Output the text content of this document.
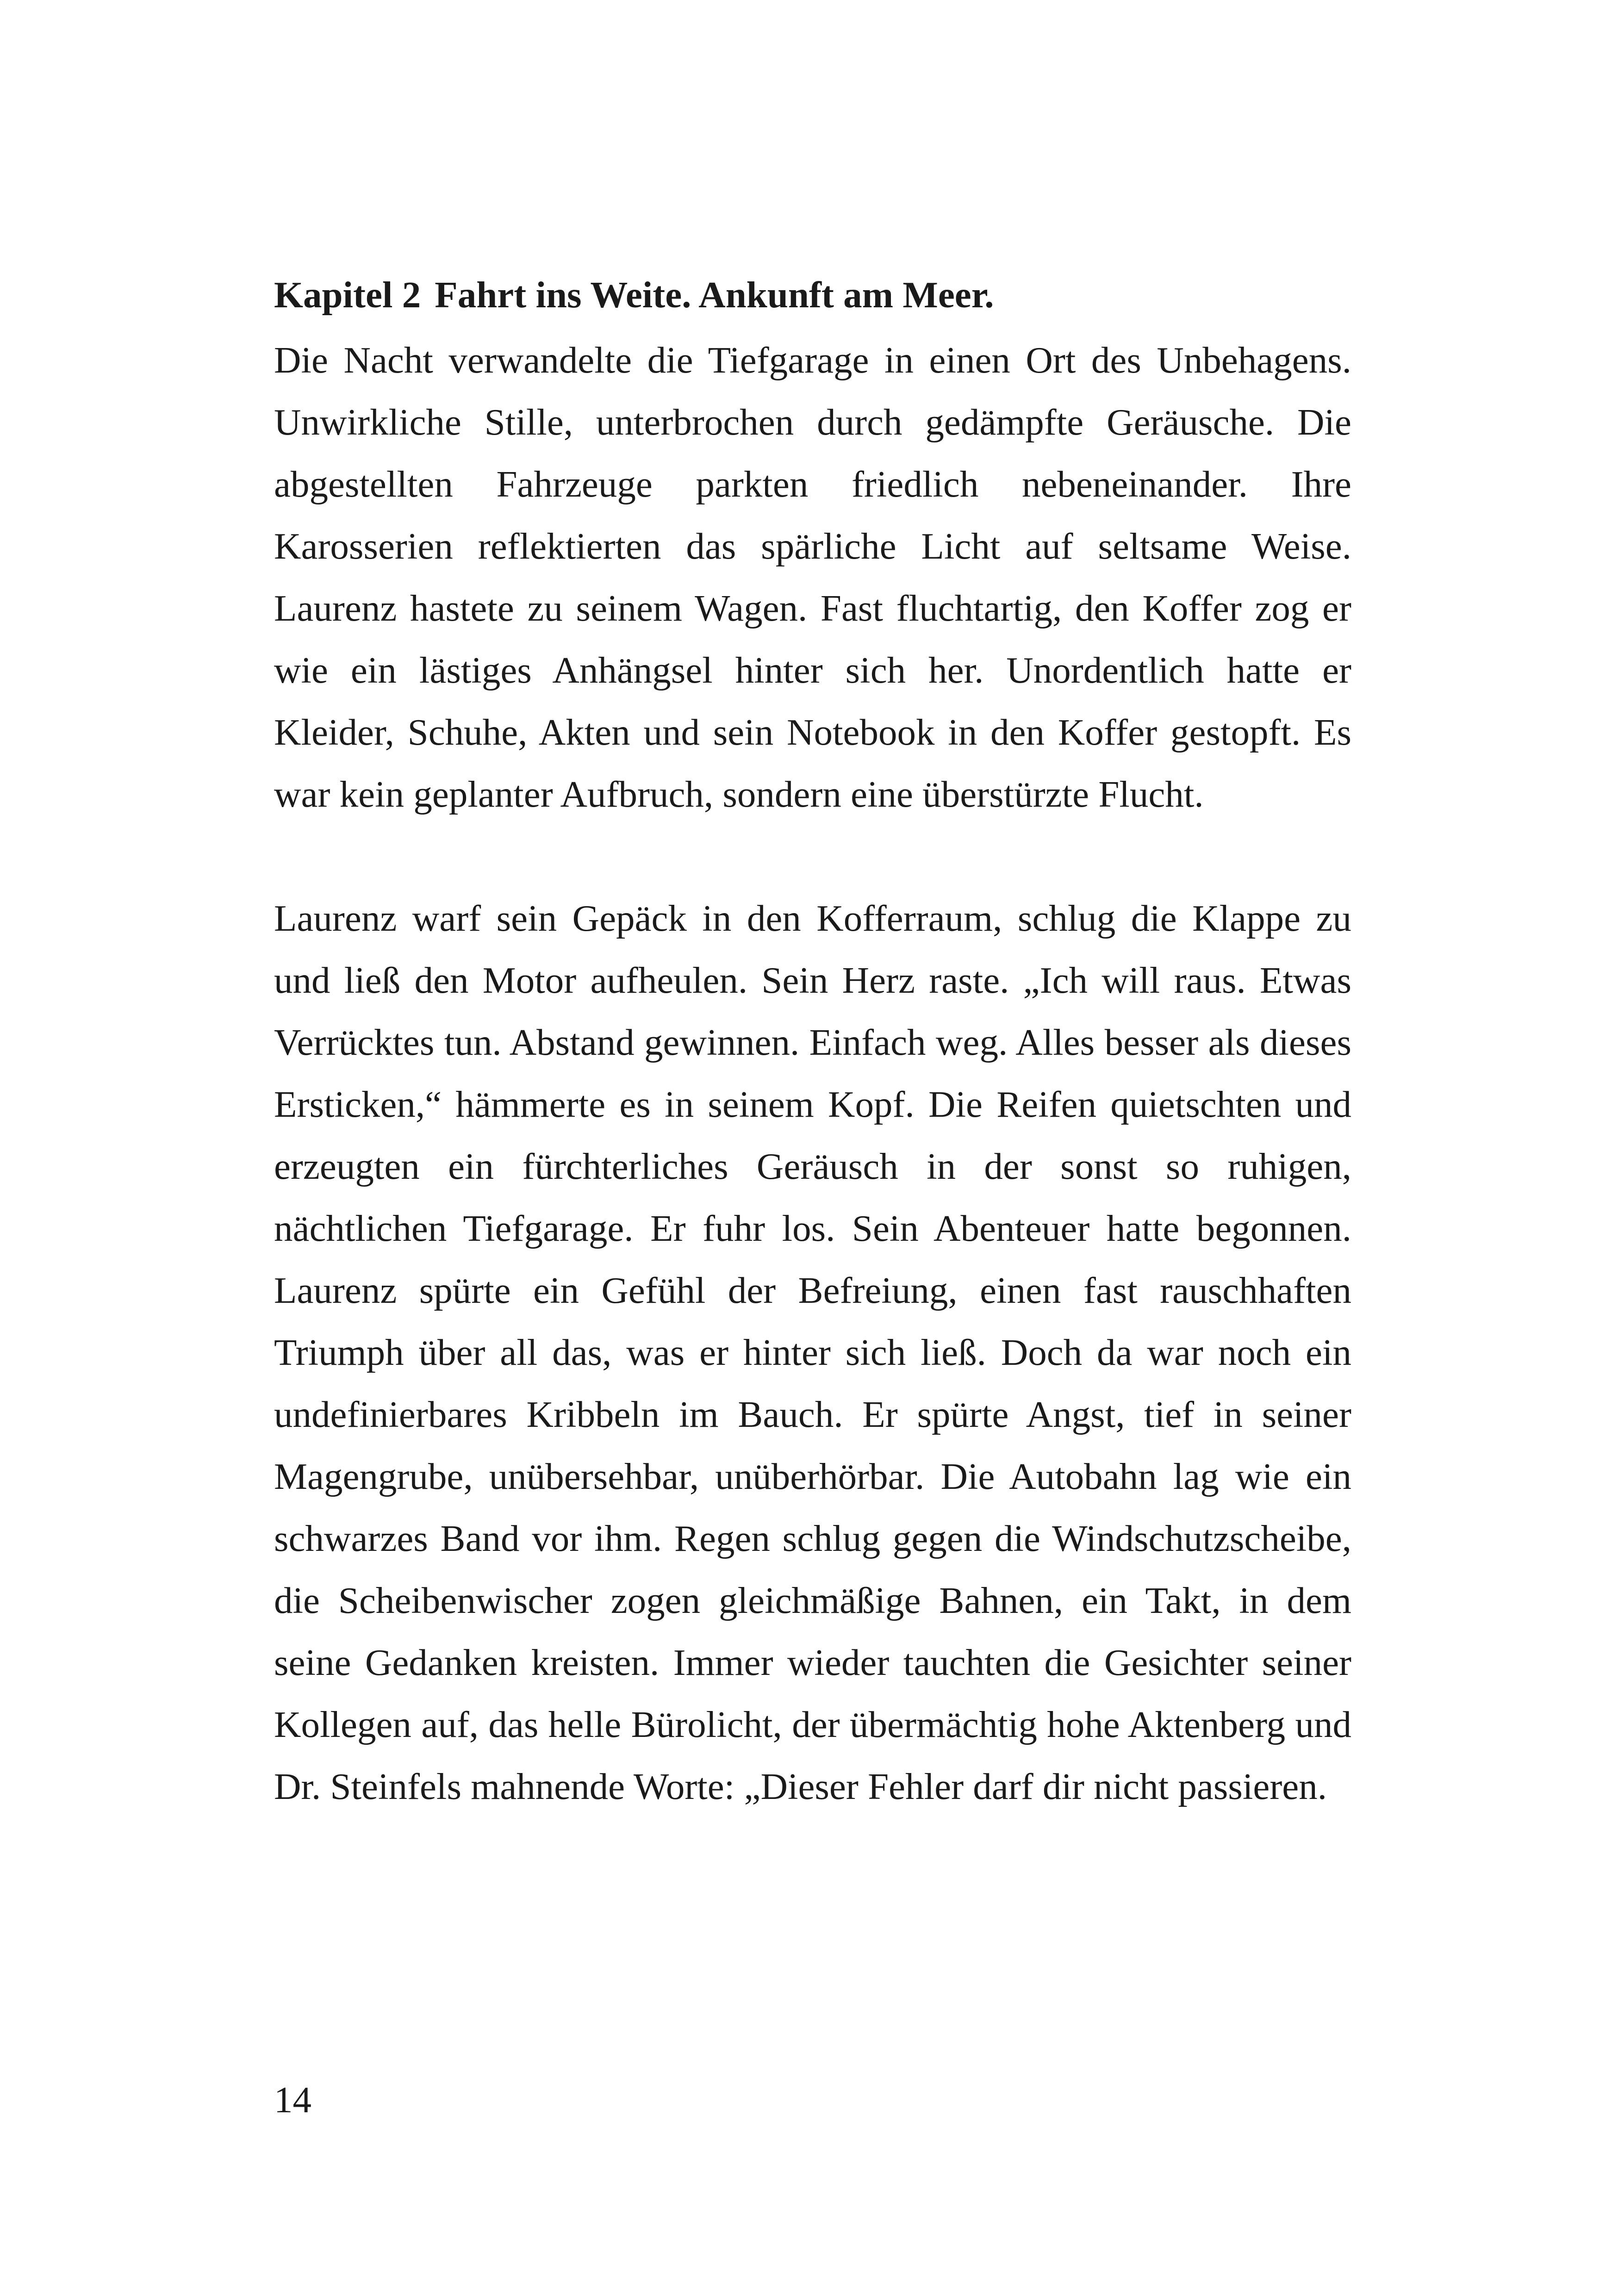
Kapitel 2 Fahrt ins Weite. Ankunft am Meer.

Die Nacht verwandelte die Tiefgarage in einen Ort des Unbehagens. Unwirkliche Stille, unterbrochen durch gedämpfte Geräusche. Die abgestellten Fahrzeuge parkten friedlich nebeneinander. Ihre Karosserien reflektierten das spärliche Licht auf seltsame Weise. Laurenz hastete zu seinem Wagen. Fast fluchtartig, den Koffer zog er wie ein lästiges Anhängsel hinter sich her. Unordentlich hatte er Kleider, Schuhe, Akten und sein Notebook in den Koffer gestopft. Es war kein geplanter Aufbruch, sondern eine überstürzte Flucht.

Laurenz warf sein Gepäck in den Kofferraum, schlug die Klappe zu und ließ den Motor aufheulen. Sein Herz raste. „Ich will raus. Etwas Verrücktes tun. Abstand gewinnen. Einfach weg. Alles besser als dieses Ersticken,“ hämmerte es in seinem Kopf. Die Reifen quietschten und erzeugten ein fürchterliches Geräusch in der sonst so ruhigen, nächtlichen Tiefgarage. Er fuhr los. Sein Abenteuer hatte begonnen. Laurenz spürte ein Gefühl der Befreiung, einen fast rauschhaften Triumph über all das, was er hinter sich ließ. Doch da war noch ein undefinierbares Kribbeln im Bauch. Er spürte Angst, tief in seiner Magengrube, unübersehbar, unüberhörbar. Die Autobahn lag wie ein schwarzes Band vor ihm. Regen schlug gegen die Windschutzscheibe, die Scheibenwischer zogen gleichmäßige Bahnen, ein Takt, in dem seine Gedanken kreisten. Immer wieder tauchten die Gesichter seiner Kollegen auf, das helle Bürolicht, der übermächtig hohe Aktenberg und Dr. Steinfels mahnende Worte: „Dieser Fehler darf dir nicht passieren.

14
